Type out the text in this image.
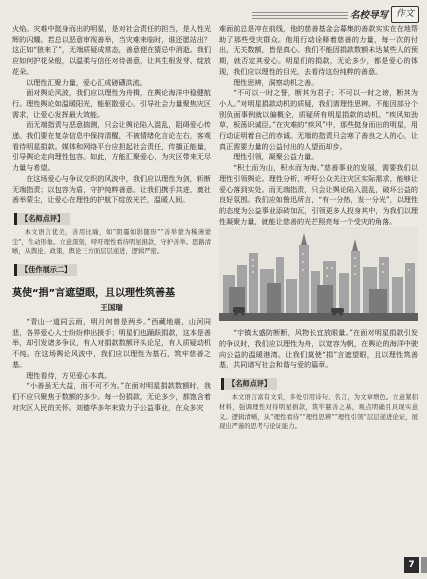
名校导写 作文

火焰。灾难中挺身而出的明星，是对社会责任的担当，是人性光辉的闪耀。若总以恶意审视善举，当灾难来临时，谁还愿站出？这正如“狼来了”，无端质疑成常态，善意便在猜忌中消逝。我们应如何护花朵般，以温柔与信任对待善意，让其生根发芽、绽放花朵。

以理性汇聚力量，爱心汇成磅礴洪流。

面对舆论风波，我们应以理性为舟楫，在舆论海洋中稳健航行。理性舆论如温暖阳光，能驱散爱心，引导社会力量聚焦灾区需求，让爱心发挥最大效能。

而无端指责与恶意揣测，只会让舆论陷入混乱，阻碍爱心传递。我们要在复杂信息中保持清醒，不被情绪化言论左右，客观看待明星捐款。媒体和网络平台应担起社会责任，传播正能量，引导舆论走向理性包容。如此，方能汇聚爱心，为灾区带来无尽力量与希望。

在这场爱心与争议交织的风波中，我们应以理性为剑，斩断无端指责；以包容为盾，守护纯粹善意。让我们携手共进，奠社善举蒙尘，让爱心在理性的护航下绽放光芒，温暖人间。

【名师点评】

本文语言优美，善用比喻，如“阴霾如影随形”“善举蒙为稀薄蒙尘”，生动形象。立意深刻，呼吁理性看待明星捐款，守护善举。思路清晰，从舆论、政策、舆论三方面层层递进，逻辑严密。

【佳作展示二】
莫使“捐”言遮望眼，且以理性筑善基
王国瑞

“青山一道同云雨，明月何曾是两乡。”西藏地震，山河同悲，各界爱心人士纷纷伸出援手；明星们也踊跃捐款，这本是善举，却引发诸多争议，有人对捐款数额评头论足，有人质疑动机不纯。在这场舆论风波中，我们应以理性为基石，筑牢慈善之基。

理性看待，方见爱心本真。

“小善虽无大益，而不可不为。”在面对明星捐款数额时，我们不应只聚焦于数额的多少。每一份捐款，无论多少，都饱含着对灾区人民的关怀。刘德华多年来致力于公益事业，在众多灾

难面前总是冲在前线，他的慈善基金会募集的善款实实在在地帮助了那些受灾群众。他用行动诠释着慈善的力量，每一次的付出，无关数额，皆是真心。我们不能因捐款数额未达某些人的预期，就否定其爱心。明星们的捐款，无论多少，都是爱心的体现，我们应以理性的目光，去看待这份纯粹的善意。

理性思辨，洞察动机之善。

“不可以一时之誉，断其为君子；不可以一时之谤，断其为小人。”对明星捐款动机的质疑，我们需理性思辨。不能因部分个别负面事例就以偏概全，质疑所有明星捐款的动机。“疾风知劲草，板荡识诚臣。”在灾难的“疾风”中，那些挺身而出的明星，用行动证明着自己的赤诚。无端的指责只会寒了善良之人的心，让真正需要力量的公益付出的人望而却步。

理性引领，凝聚公益力量。

“积土而为山，积水而为海。”慈善事业的发展，需要我们以理性引领舆论。理性分析，呼吁公众关注灾区实际需求，能够让爱心落到实处。而无端指责，只会让舆论陷入混乱，破坏公益的良好氛围。我们应如鲁迅所言，“有一分热，发一分光”，以理性的态度为公益事业添砖加瓦，引领更多人投身其中，为我们以理性凝聚力量，就能让慈善的光芒照亮每一个受灾的角落。

“宇镇太盛防断断，风物长宜放眼量。”在面对明星捐款引发的争议时，我们应以理性为舟，以宽容为帆，在舆论的海洋中驶向公益的温暖港湾。让我们莫使“捐”言遮望眼，且以理性筑善基，共同谱写社会和谐与爱的篇章。

【名师点评】

本文语言富有文采，多处引用诗句、名言，为文章增色。立意紧扣材料，强调理性对待明星捐款，筑牢慈善之基，观点明确且具现实意义。逻辑清晰，从“理性看待”“理性思辨”“理性引领”层层递进论证，展现出严谨的思考与论证能力。

7
